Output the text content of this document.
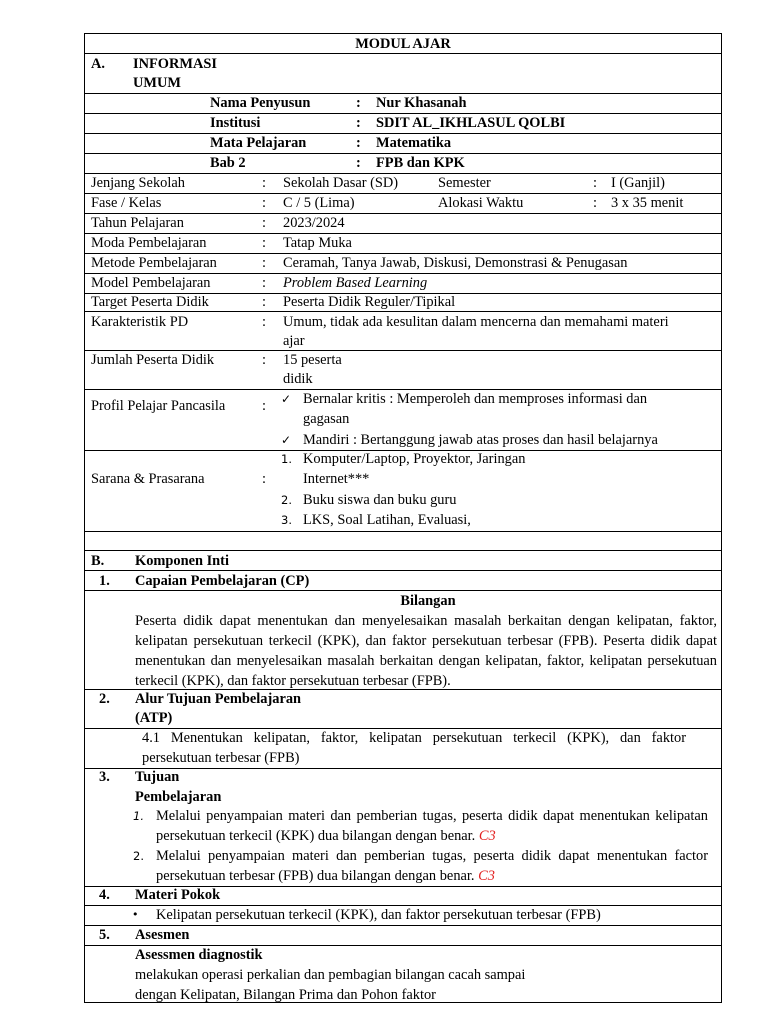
MODUL AJAR
A. INFORMASI
UMUM
Nama Penyusun	: Nur Khasanah
Institusi	: SDIT AL_IKHLASUL QOLBI
Mata Pelajaran	: Matematika
Bab 2	: FPB dan KPK
Jenjang Sekolah	: Sekolah Dasar (SD)	Semester	: I (Ganjil)
Fase / Kelas	: C / 5 (Lima)	Alokasi Waktu	: 3 x 35 menit
Tahun Pelajaran	: 2023/2024
Moda Pembelajaran	: Tatap Muka
Metode Pembelajaran	: Ceramah, Tanya Jawab, Diskusi, Demonstrasi & Penugasan
Model Pembelajaran	: Problem Based Learning
Target Peserta Didik	: Peserta Didik Reguler/Tipikal
Karakteristik PD	: Umum, tidak ada kesulitan dalam mencerna dan memahami materi
ajar
Jumlah Peserta Didik	: 15 peserta
didik
Profil Pelajar Pancasila	: ✓ Bernalar kritis : Memperoleh dan memproses informasi dan
gagasan
✓ Mandiri : Bertanggung jawab atas proses dan hasil belajarnya
Sarana & Prasarana	:
1. Komputer/Laptop, Proyektor, Jaringan
Internet***
2. Buku siswa dan buku guru
3. LKS, Soal Latihan, Evaluasi,
B. Komponen Inti
1. Capaian Pembelajaran (CP)
Bilangan
Peserta didik dapat menentukan dan menyelesaikan masalah berkaitan dengan kelipatan, faktor, kelipatan persekutuan terkecil (KPK), dan faktor persekutuan terbesar (FPB). Peserta didik dapat menentukan dan menyelesaikan masalah berkaitan dengan kelipatan, faktor, kelipatan persekutuan terkecil (KPK), dan faktor persekutuan terbesar (FPB).
2. Alur Tujuan Pembelajaran
(ATP)
4.1 Menentukan kelipatan, faktor, kelipatan persekutuan terkecil (KPK), dan faktor persekutuan terbesar (FPB)
3. Tujuan
Pembelajaran
1. Melalui penyampaian materi dan pemberian tugas, peserta didik dapat menentukan kelipatan persekutuan terkecil (KPK) dua bilangan dengan benar. C3
2. Melalui penyampaian materi dan pemberian tugas, peserta didik dapat menentukan factor persekutuan terbesar (FPB) dua bilangan dengan benar. C3
4. Materi Pokok
• Kelipatan persekutuan terkecil (KPK), dan faktor persekutuan terbesar (FPB)
5. Asesmen
Asessmen diagnostik
melakukan operasi perkalian dan pembagian bilangan cacah sampai
dengan Kelipatan, Bilangan Prima dan Pohon faktor
